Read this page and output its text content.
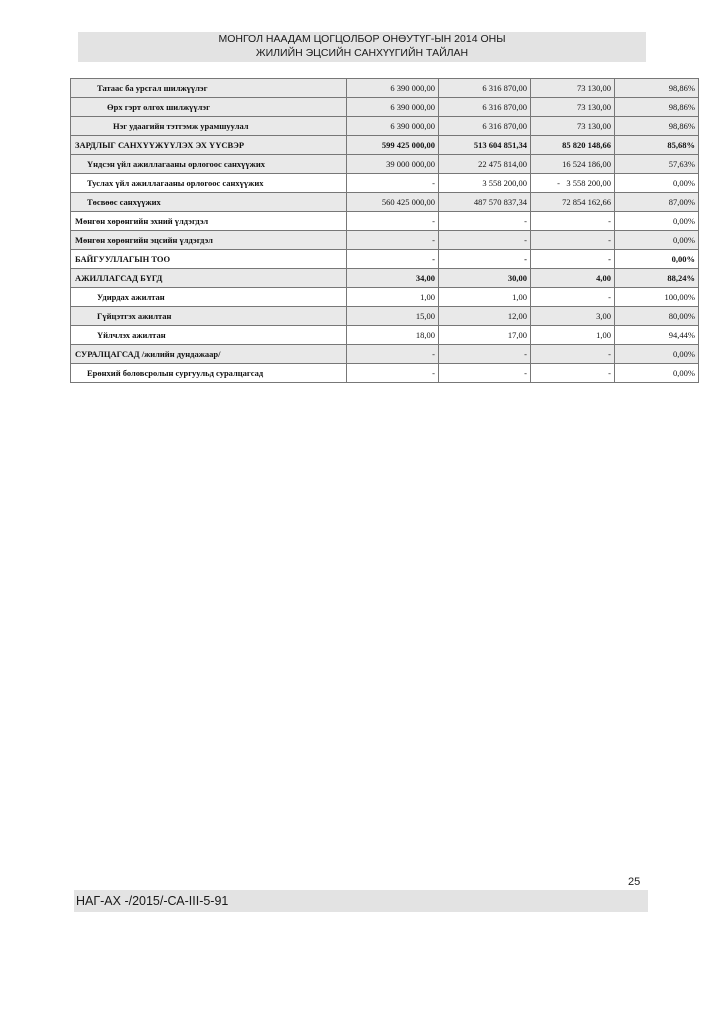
МОНГОЛ НААДАМ ЦОГЦОЛБОР ОНӨУТҮГ-ЫН 2014 ОНЫ
ЖИЛИЙН ЭЦСИЙН САНХҮҮГИЙН ТАЙЛАН
Татаас ба урсгал шилжүүлэг	6 390 000,00	6 316 870,00	73 130,00	98,86%
Өрх гэрт олгох шилжүүлэг	6 390 000,00	6 316 870,00	73 130,00	98,86%
Нэг удаагийн тэтгэмж урамшуулал	6 390 000,00	6 316 870,00	73 130,00	98,86%
ЗАРДЛЫГ САНХҮҮЖҮҮЛЭХ ЭХ ҮҮСВЭР	599 425 000,00	513 604 851,34	85 820 148,66	85,68%
Үндсэн үйл ажиллагааны орлогоос санхүүжих	39 000 000,00	22 475 814,00	16 524 186,00	57,63%
Туслах үйл ажиллагааны орлогоос санхүүжих	-	3 558 200,00	-   3 558 200,00	0,00%
Төсвөөс санхүүжих	560 425 000,00	487 570 837,34	72 854 162,66	87,00%
Мөнгөн хөрөнгийн эхний үлдэгдэл	-	-	-	0,00%
Мөнгөн хөрөнгийн эцсийн үлдэгдэл	-	-	-	0,00%
БАЙГУУЛЛАГЫН ТОО	-	-	-	0,00%
АЖИЛЛАГСАД БҮГД	34,00	30,00	4,00	88,24%
Удирдах ажилтан	1,00	1,00	-	100,00%
Гүйцэтгэх ажилтан	15,00	12,00	3,00	80,00%
Үйлчлэх ажилтан	18,00	17,00	1,00	94,44%
СУРАЛЦАГСАД /жилийн дундажаар/	-	-	-	0,00%
Ерөнхий боловсролын сургуульд суралцагсад	-	-	-	0,00%
25
НАГ-АХ -/2015/-СА-III-5-91
